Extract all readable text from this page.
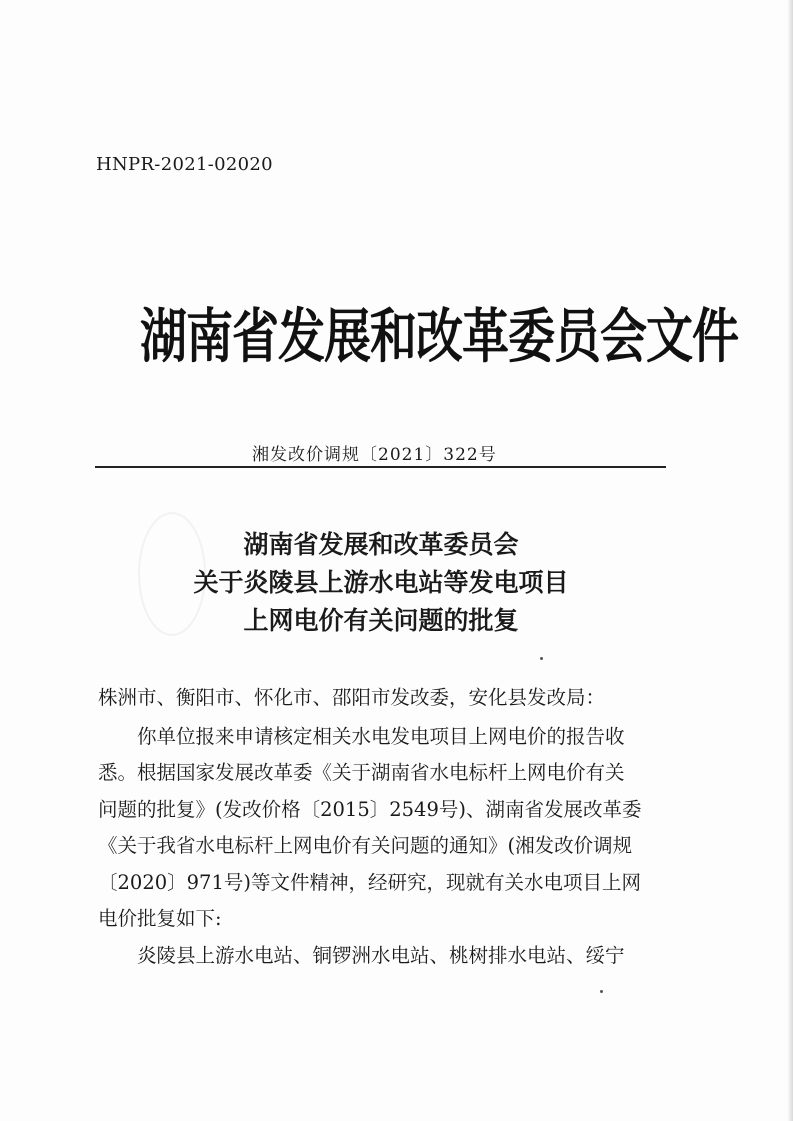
HNPR-2021-02020
湖南省发展和改革委员会文件
湘发改价调规〔2021〕322号
湖南省发展和改革委员会
关于炎陵县上游水电站等发电项目
上网电价有关问题的批复

株洲市、衡阳市、怀化市、邵阳市发改委，安化县发改局：

你单位报来申请核定相关水电发电项目上网电价的报告收

悉。根据国家发展改革委《关于湖南省水电标杆上网电价有关

问题的批复》(发改价格〔2015〕2549号)、湖南省发展改革委

《关于我省水电标杆上网电价有关问题的通知》(湘发改价调规

〔2020〕971号)等文件精神，经研究，现就有关水电项目上网

电价批复如下:

炎陵县上游水电站、铜锣洲水电站、桃树排水电站、绥宁
